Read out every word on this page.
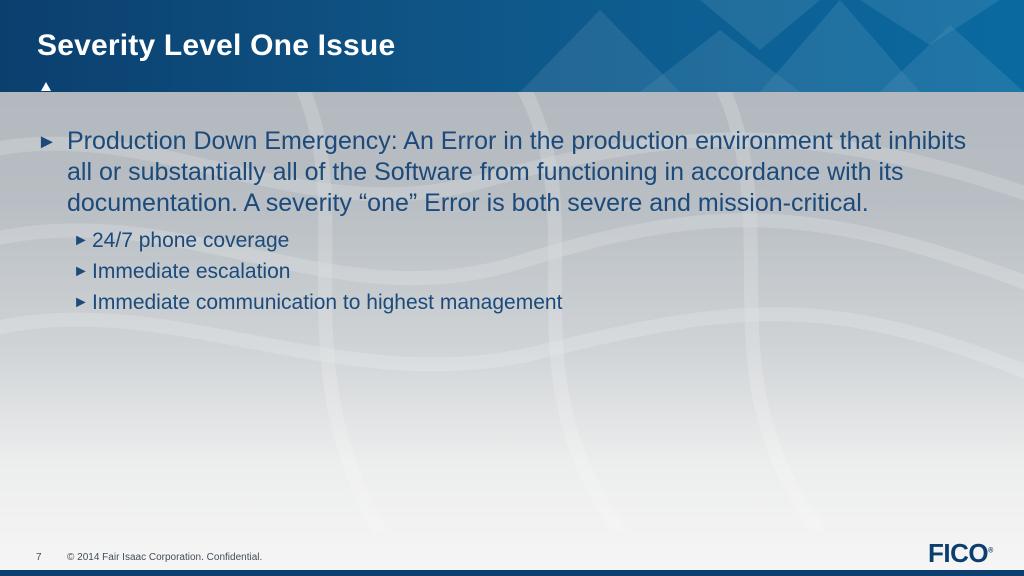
Severity Level One Issue
► Production Down Emergency: An Error in the production environment that inhibits all or substantially all of the Software from functioning in accordance with its documentation. A severity “one” Error is both severe and mission-critical.
► 24/7 phone coverage
► Immediate escalation
► Immediate communication to highest management
7	© 2014 Fair Isaac Corporation. Confidential.	FICO®
